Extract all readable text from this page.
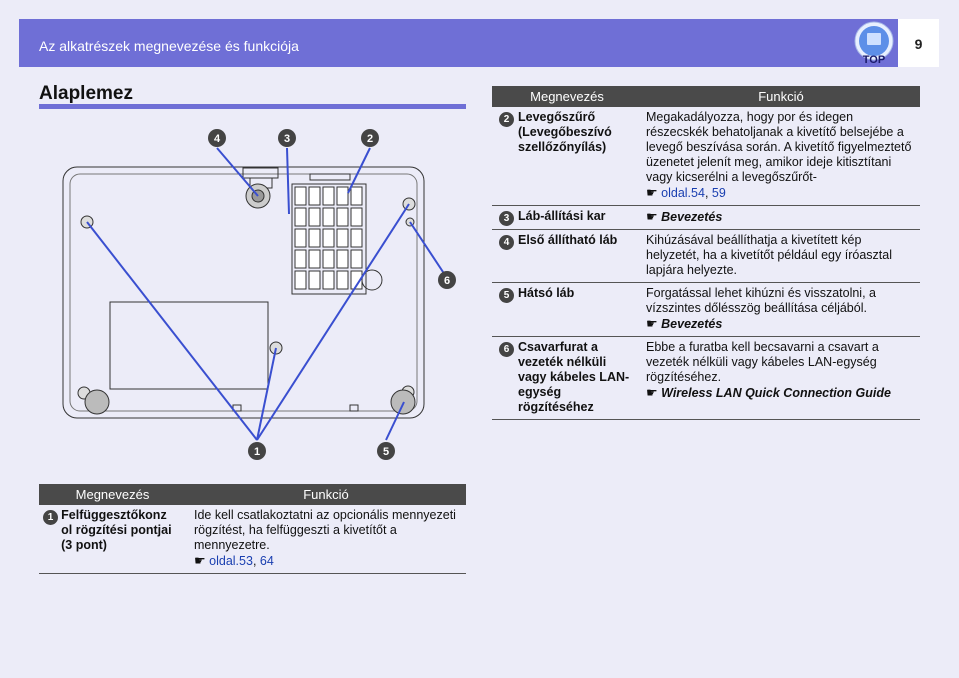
Az alkatrészek megnevezése és funkciója
TOP
9
Alaplemez
4	3	2
6
1	5
Megnevezés		Funkció
2	Levegőszűrő (Levegőbeszívó szellőzőnyílás)	Megakadályozza, hogy por és idegen részecskék behatoljanak a kivetítő belsejébe a levegő beszívása során. A kivetítő figyelmeztető üzenetet jelenít meg, amikor ideje kitisztítani vagy kicserélni a levegőszűrőt-
☛ oldal.54, 59
3	Láb-állítási kar	☛ Bevezetés
4	Első állítható láb	Kihúzásával beállíthatja a kivetített kép helyzetét, ha a kivetítőt például egy íróasztal lapjára helyezte.
5	Hátsó láb	Forgatással lehet kihúzni és visszatolni, a vízszintes dőlésszög beállítása céljából.
☛ Bevezetés
6	Csavarfurat a vezeték nélküli vagy kábeles LAN-egység rögzítéséhez	Ebbe a furatba kell becsavarni a csavart a vezeték nélküli vagy kábeles LAN-egység rögzítéséhez.
☛ Wireless LAN Quick Connection Guide
Megnevezés		Funkció
1	Felfüggesztőkonz ol rögzítési pontjai (3 pont)	Ide kell csatlakoztatni az opcionális mennyezeti rögzítést, ha felfüggeszti a kivetítőt a mennyezetre.
☛ oldal.53, 64
